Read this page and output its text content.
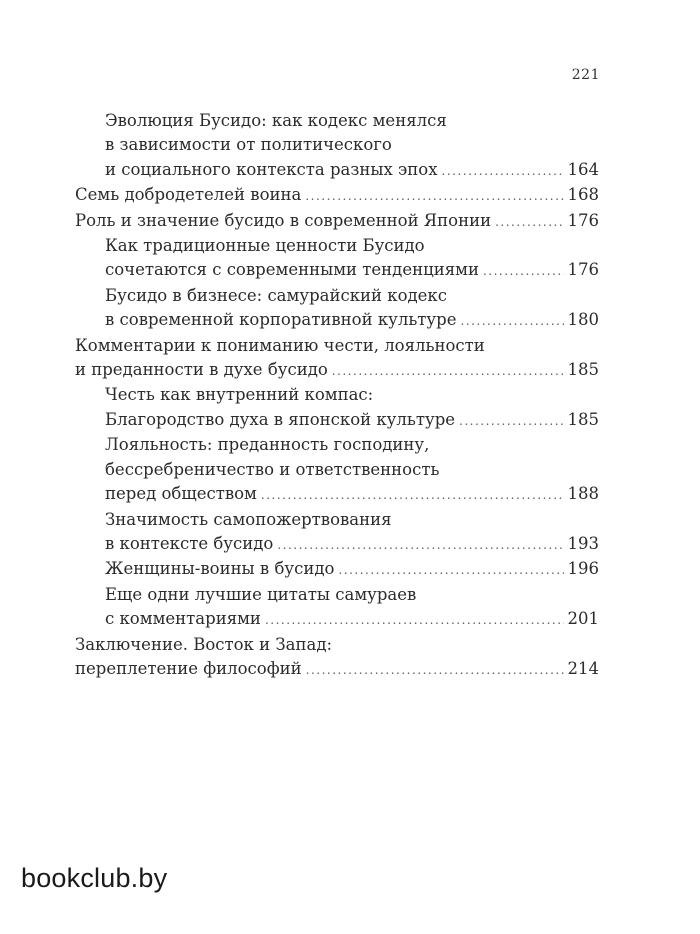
221
Эволюция Бусидо: как кодекс менялся
в зависимости от политического
и социального контекста разных эпох .....	164
Семь добродетелей воина .....	168
Роль и значение бусидо в современной Японии .....	176
Как традиционные ценности Бусидо
сочетаются с современными тенденциями .....	176
Бусидо в бизнесе: самурайский кодекс
в современной корпоративной культуре .....	180
Комментарии к пониманию чести, лояльности
и преданности в духе бусидо .....	185
Честь как внутренний компас:
Благородство духа в японской культуре .....	185
Лояльность: преданность господину,
бессребреничество и ответственность
перед обществом .....	188
Значимость самопожертвования
в контексте бусидо .....	193
Женщины-воины в бусидо .....	196
Еще одни лучшие цитаты самураев
с комментариями .....	201
Заключение. Восток и Запад:
переплетение философий .....	214
bookclub.by
